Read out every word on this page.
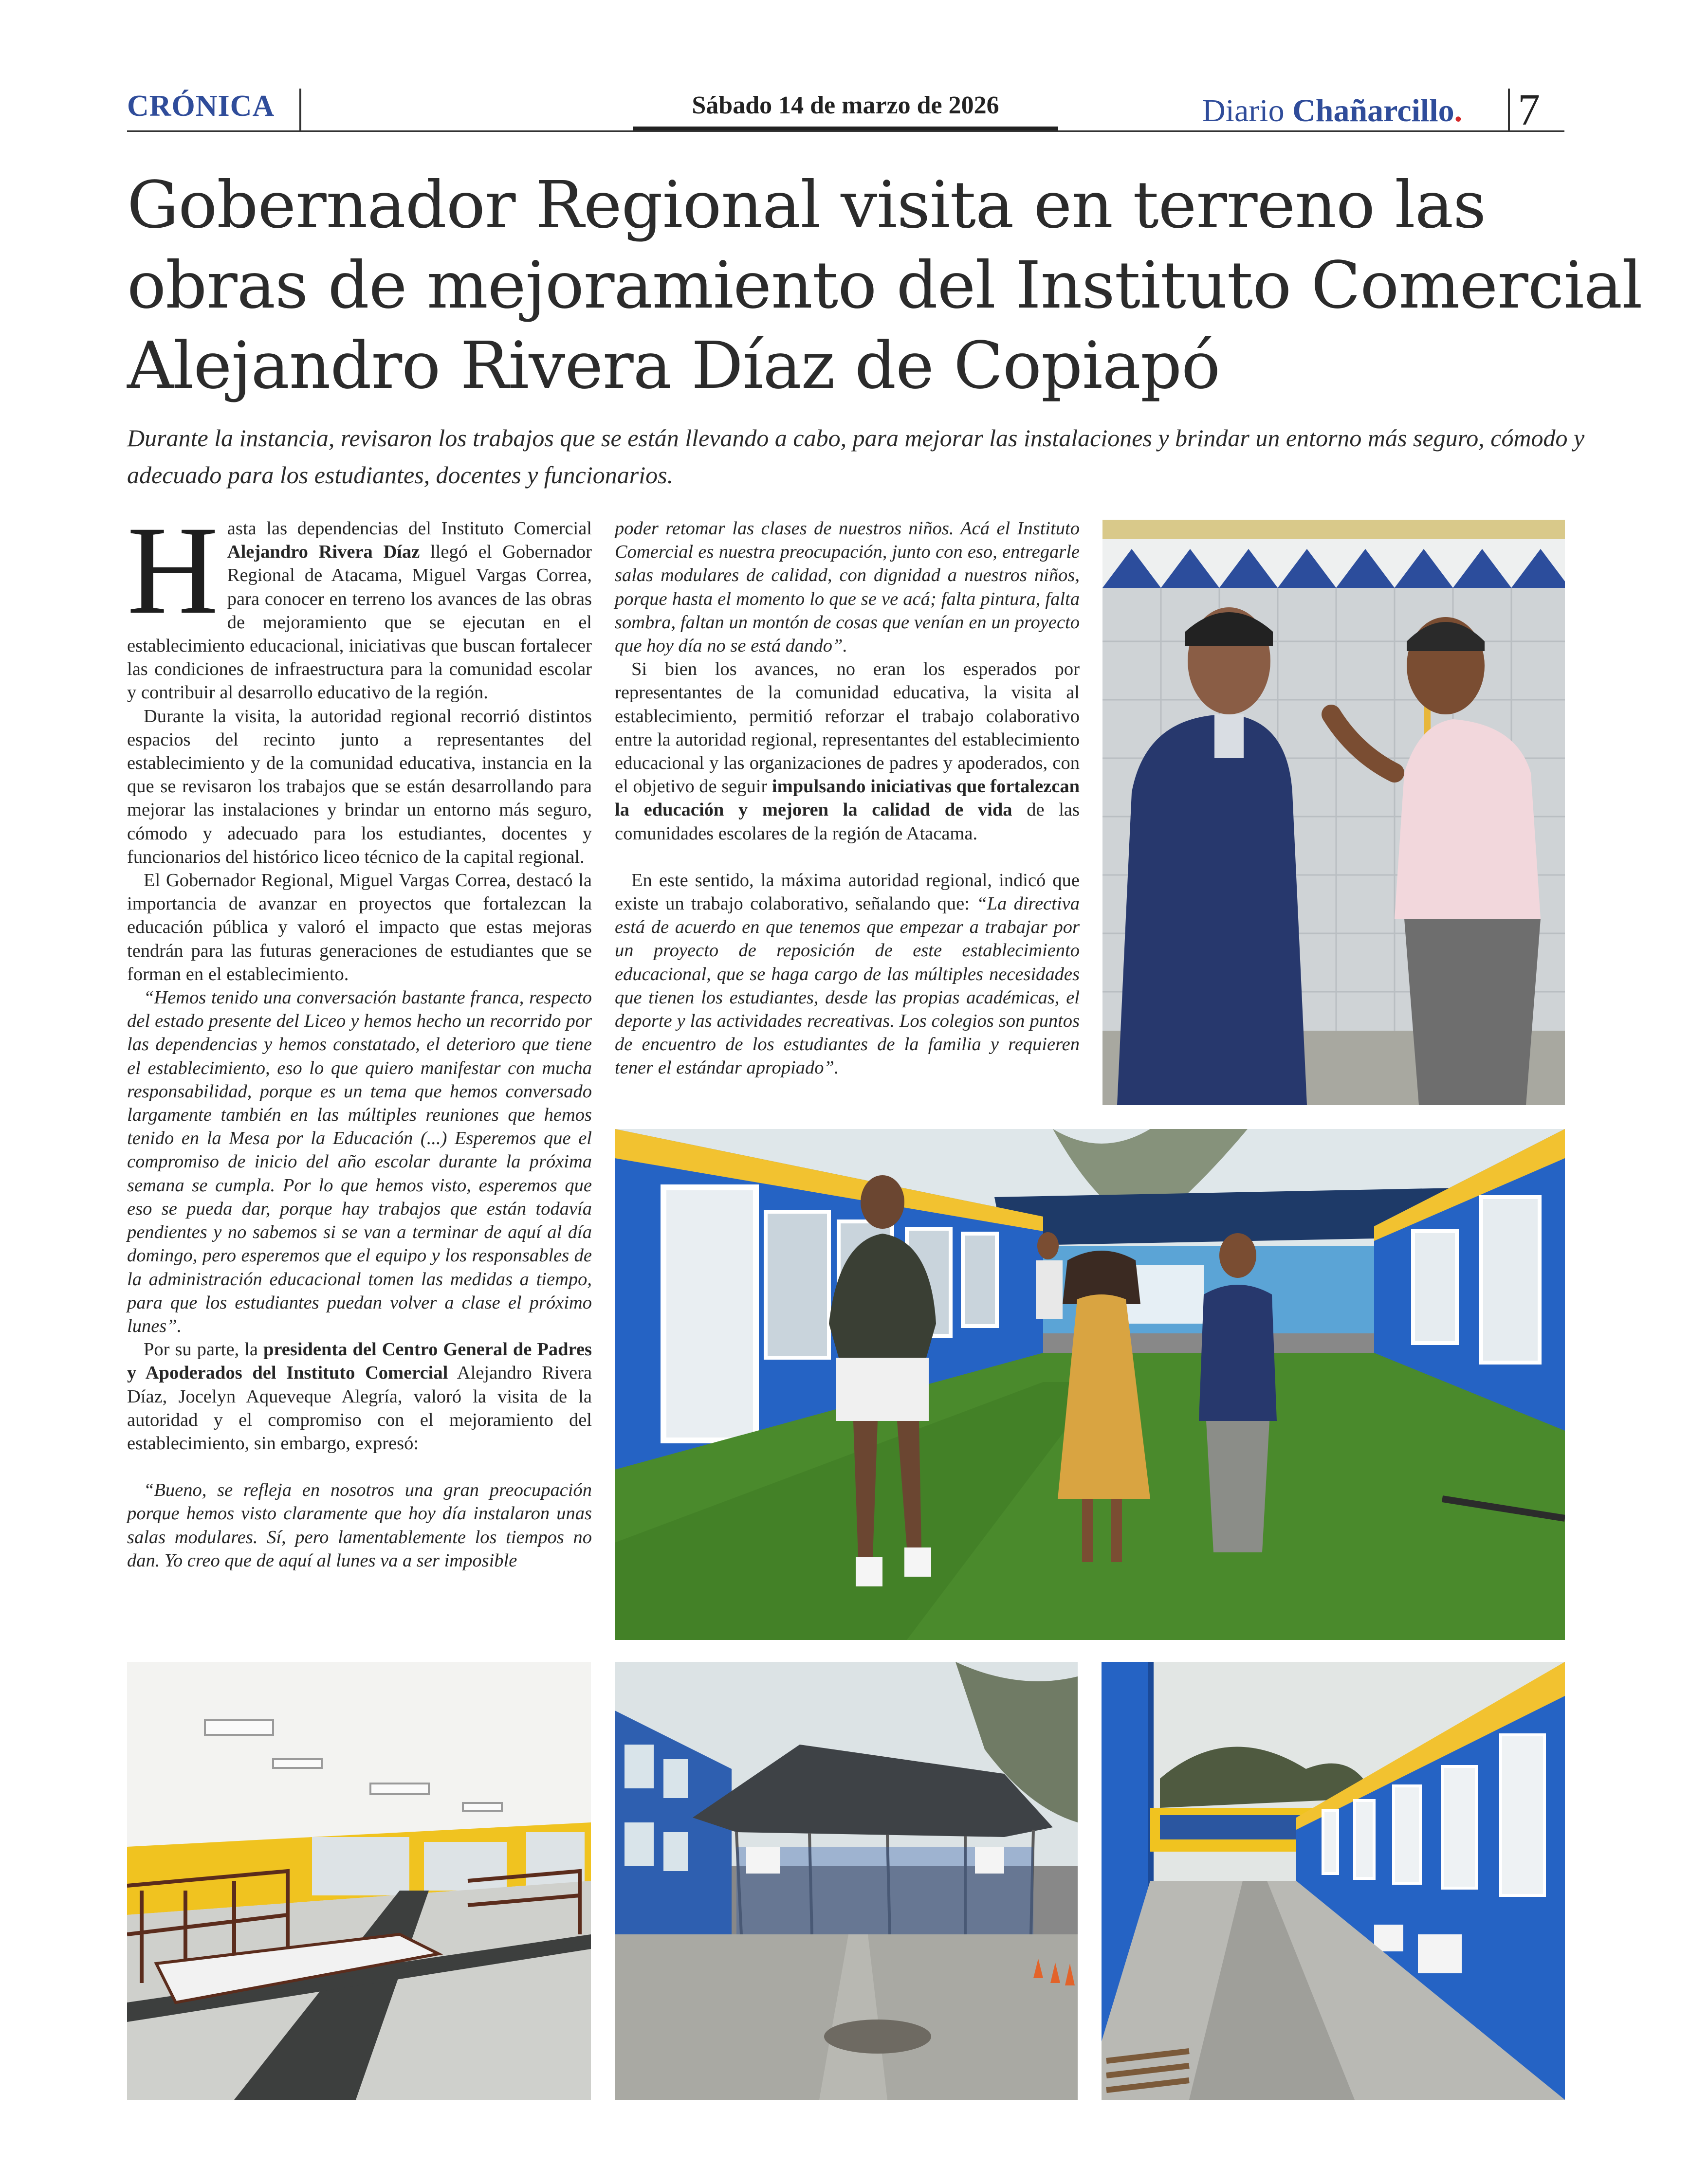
CRÓNICA	Sábado 14 de marzo de 2026	Diario Chañarcillo. 7
Gobernador Regional visita en terreno las
obras de mejoramiento del Instituto Comercial
Alejandro Rivera Díaz de Copiapó
Durante la instancia, revisaron los trabajos que se están llevando a cabo, para mejorar las instalaciones y brindar un entorno más seguro, cómodo y
adecuado para los estudiantes, docentes y funcionarios.

Hasta las dependencias del Instituto Comercial Alejandro Rivera Díaz llegó el Gobernador Regional de Atacama, Miguel Vargas Correa, para conocer en terreno los avances de las obras de mejoramiento que se ejecutan en el establecimiento educacional, iniciativas que buscan fortalecer las condiciones de infraestructura para la comunidad escolar y contribuir al desarrollo educativo de la región.

Durante la visita, la autoridad regional recorrió distintos espacios del recinto junto a representantes del establecimiento y de la comunidad educativa, instancia en la que se revisaron los trabajos que se están desarrollando para mejorar las instalaciones y brindar un entorno más seguro, cómodo y adecuado para los estudiantes, docentes y funcionarios del histórico liceo técnico de la capital regional.

El Gobernador Regional, Miguel Vargas Correa, destacó la importancia de avanzar en proyectos que fortalezcan la educación pública y valoró el impacto que estas mejoras tendrán para las futuras generaciones de estudiantes que se forman en el establecimiento.

“Hemos tenido una conversación bastante franca, respecto del estado presente del Liceo y hemos hecho un recorrido por las dependencias y hemos constatado, el deterioro que tiene el establecimiento, eso lo que quiero manifestar con mucha responsabilidad, porque es un tema que hemos conversado largamente también en las múltiples reuniones que hemos tenido en la Mesa por la Educación (...) Esperemos que el compromiso de inicio del año escolar durante la próxima semana se cumpla. Por lo que hemos visto, esperemos que eso se pueda dar, porque hay trabajos que están todavía pendientes y no sabemos si se van a terminar de aquí al día domingo, pero esperemos que el equipo y los responsables de la administración educacional tomen las medidas a tiempo, para que los estudiantes puedan volver a clase el próximo lunes”.

Por su parte, la presidenta del Centro General de Padres y Apoderados del Instituto Comercial Alejandro Rivera Díaz, Jocelyn Aqueveque Alegría, valoró la visita de la autoridad y el compromiso con el mejoramiento del establecimiento, sin embargo, expresó:

“Bueno, se refleja en nosotros una gran preocupación porque hemos visto claramente que hoy día instalaron unas salas modulares. Sí, pero lamentablemente los tiempos no dan. Yo creo que de aquí al lunes va a ser imposible

poder retomar las clases de nuestros niños. Acá el Instituto Comercial es nuestra preocupación, junto con eso, entregarle salas modulares de calidad, con dignidad a nuestros niños, porque hasta el momento lo que se ve acá; falta pintura, falta sombra, faltan un montón de cosas que venían en un proyecto que hoy día no se está dando”.

Si bien los avances, no eran los esperados por representantes de la comunidad educativa, la visita al establecimiento, permitió reforzar el trabajo colaborativo entre la autoridad regional, representantes del establecimiento educacional y las organizaciones de padres y apoderados, con el objetivo de seguir impulsando iniciativas que fortalezcan la educación y mejoren la calidad de vida de las comunidades escolares de la región de Atacama.

En este sentido, la máxima autoridad regional, indicó que existe un trabajo colaborativo, señalando que: “La directiva está de acuerdo en que tenemos que empezar a trabajar por un proyecto de reposición de este establecimiento educacional, que se haga cargo de las múltiples necesidades que tienen los estudiantes, desde las propias académicas, el deporte y las actividades recreativas. Los colegios son puntos de encuentro de los estudiantes de la familia y requieren tener el estándar apropiado”.
